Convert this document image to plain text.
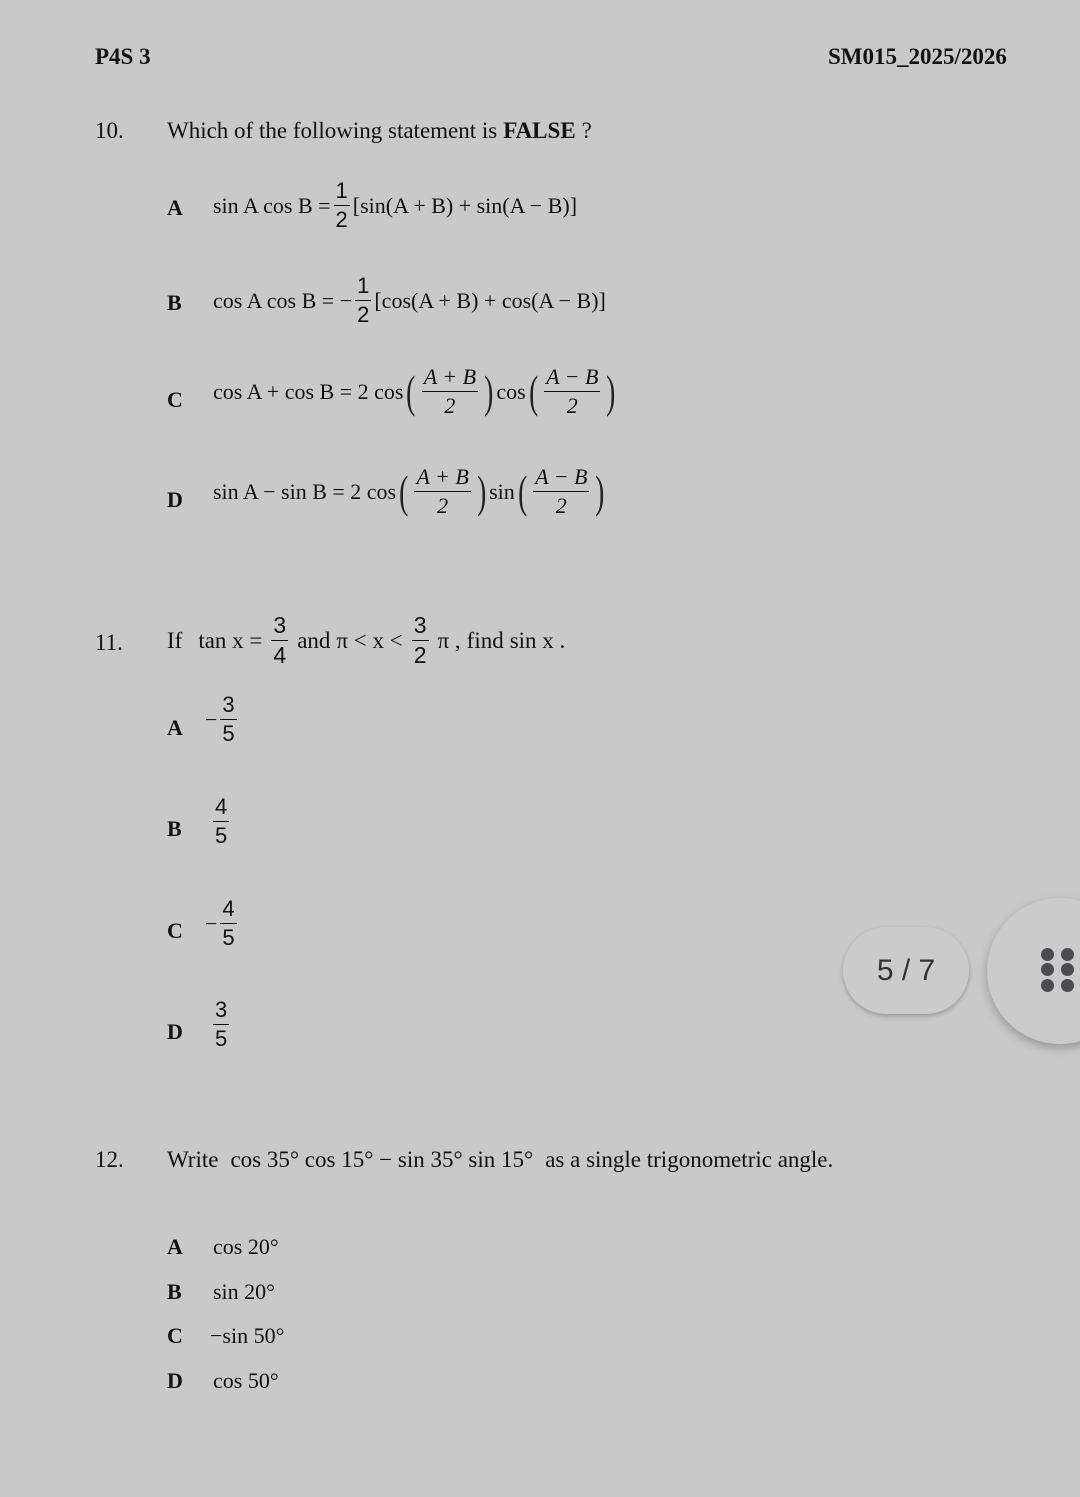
P4S 3	SM015_2025/2026
10. Which of the following statement is FALSE ?
A sin A $\cos B = \frac{1}{2} [\sin(A + B) + \sin(A - B)]$
B cos A cos B = − $\frac{1}{2} [\cos(A + B) + \cos(A - B)]$
C cos A + cos B = 2 cos ( $\frac{A + B}{2}$ ) cos ( $\frac{A - B}{2}$ )
D sin A − sin B = 2 cos ( $\frac{A + B}{2}$ ) sin ( $\frac{A - B}{2}$ )
11. If $\tan x = \frac{3}{4}$ and $\pi < x < \frac{3}{2}$ π , find sin x .
$A - \frac{3}{5}$
B $\frac{4}{5}$
$C - \frac{4}{5}$
D $\frac{3}{5}$
12. Write cos 35° cos 15° − sin 35° sin 15° as a single trigonometric angle.
A cos 20°
B sin 20°
C −sin 50°
D cos 50°
5 / 7
